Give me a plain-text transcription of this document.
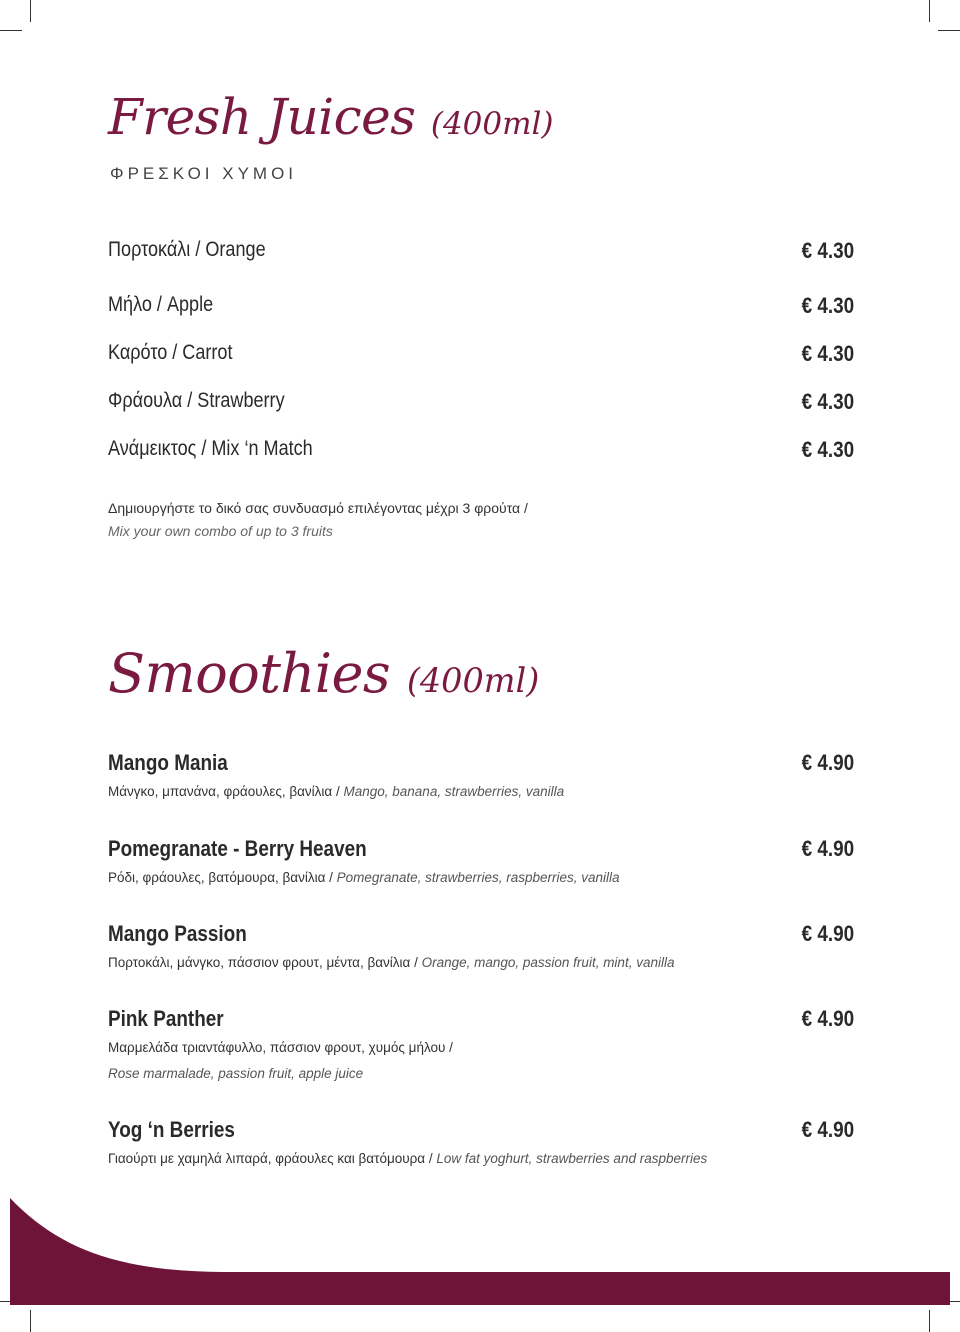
Fresh Juices (400ml)
ΦΡΕΣΚΟΙ ΧΥΜΟΙ
Πορτοκάλι / Orange	€ 4.30
Μήλο / Apple	€ 4.30
Καρότο / Carrot	€ 4.30
Φράουλα / Strawberry	€ 4.30
Ανάμεικτος / Mix ‘n Match	€ 4.30
Δημιουργήστε το δικό σας συνδυασμό επιλέγοντας μέχρι 3 φρούτα /
Mix your own combo of up to 3 fruits
Smoothies (400ml)
Mango Mania	€ 4.90
Μάνγκο, μπανάνα, φράουλες, βανίλια / Mango, banana, strawberries, vanilla
Pomegranate - Berry Heaven	€ 4.90
Ρόδι, φράουλες, βατόμουρα, βανίλια / Pomegranate, strawberries, raspberries, vanilla
Mango Passion	€ 4.90
Πορτοκάλι, μάνγκο, πάσσιον φρουτ, μέντα, βανίλια / Orange, mango, passion fruit, mint, vanilla
Pink Panther	€ 4.90
Μαρμελάδα τριαντάφυλλο, πάσσιον φρουτ, χυμός μήλου /
Rose marmalade, passion fruit, apple juice
Yog ‘n Berries	€ 4.90
Γιαούρτι με χαμηλά λιπαρά, φράουλες και βατόμουρα / Low fat yoghurt, strawberries and raspberries
